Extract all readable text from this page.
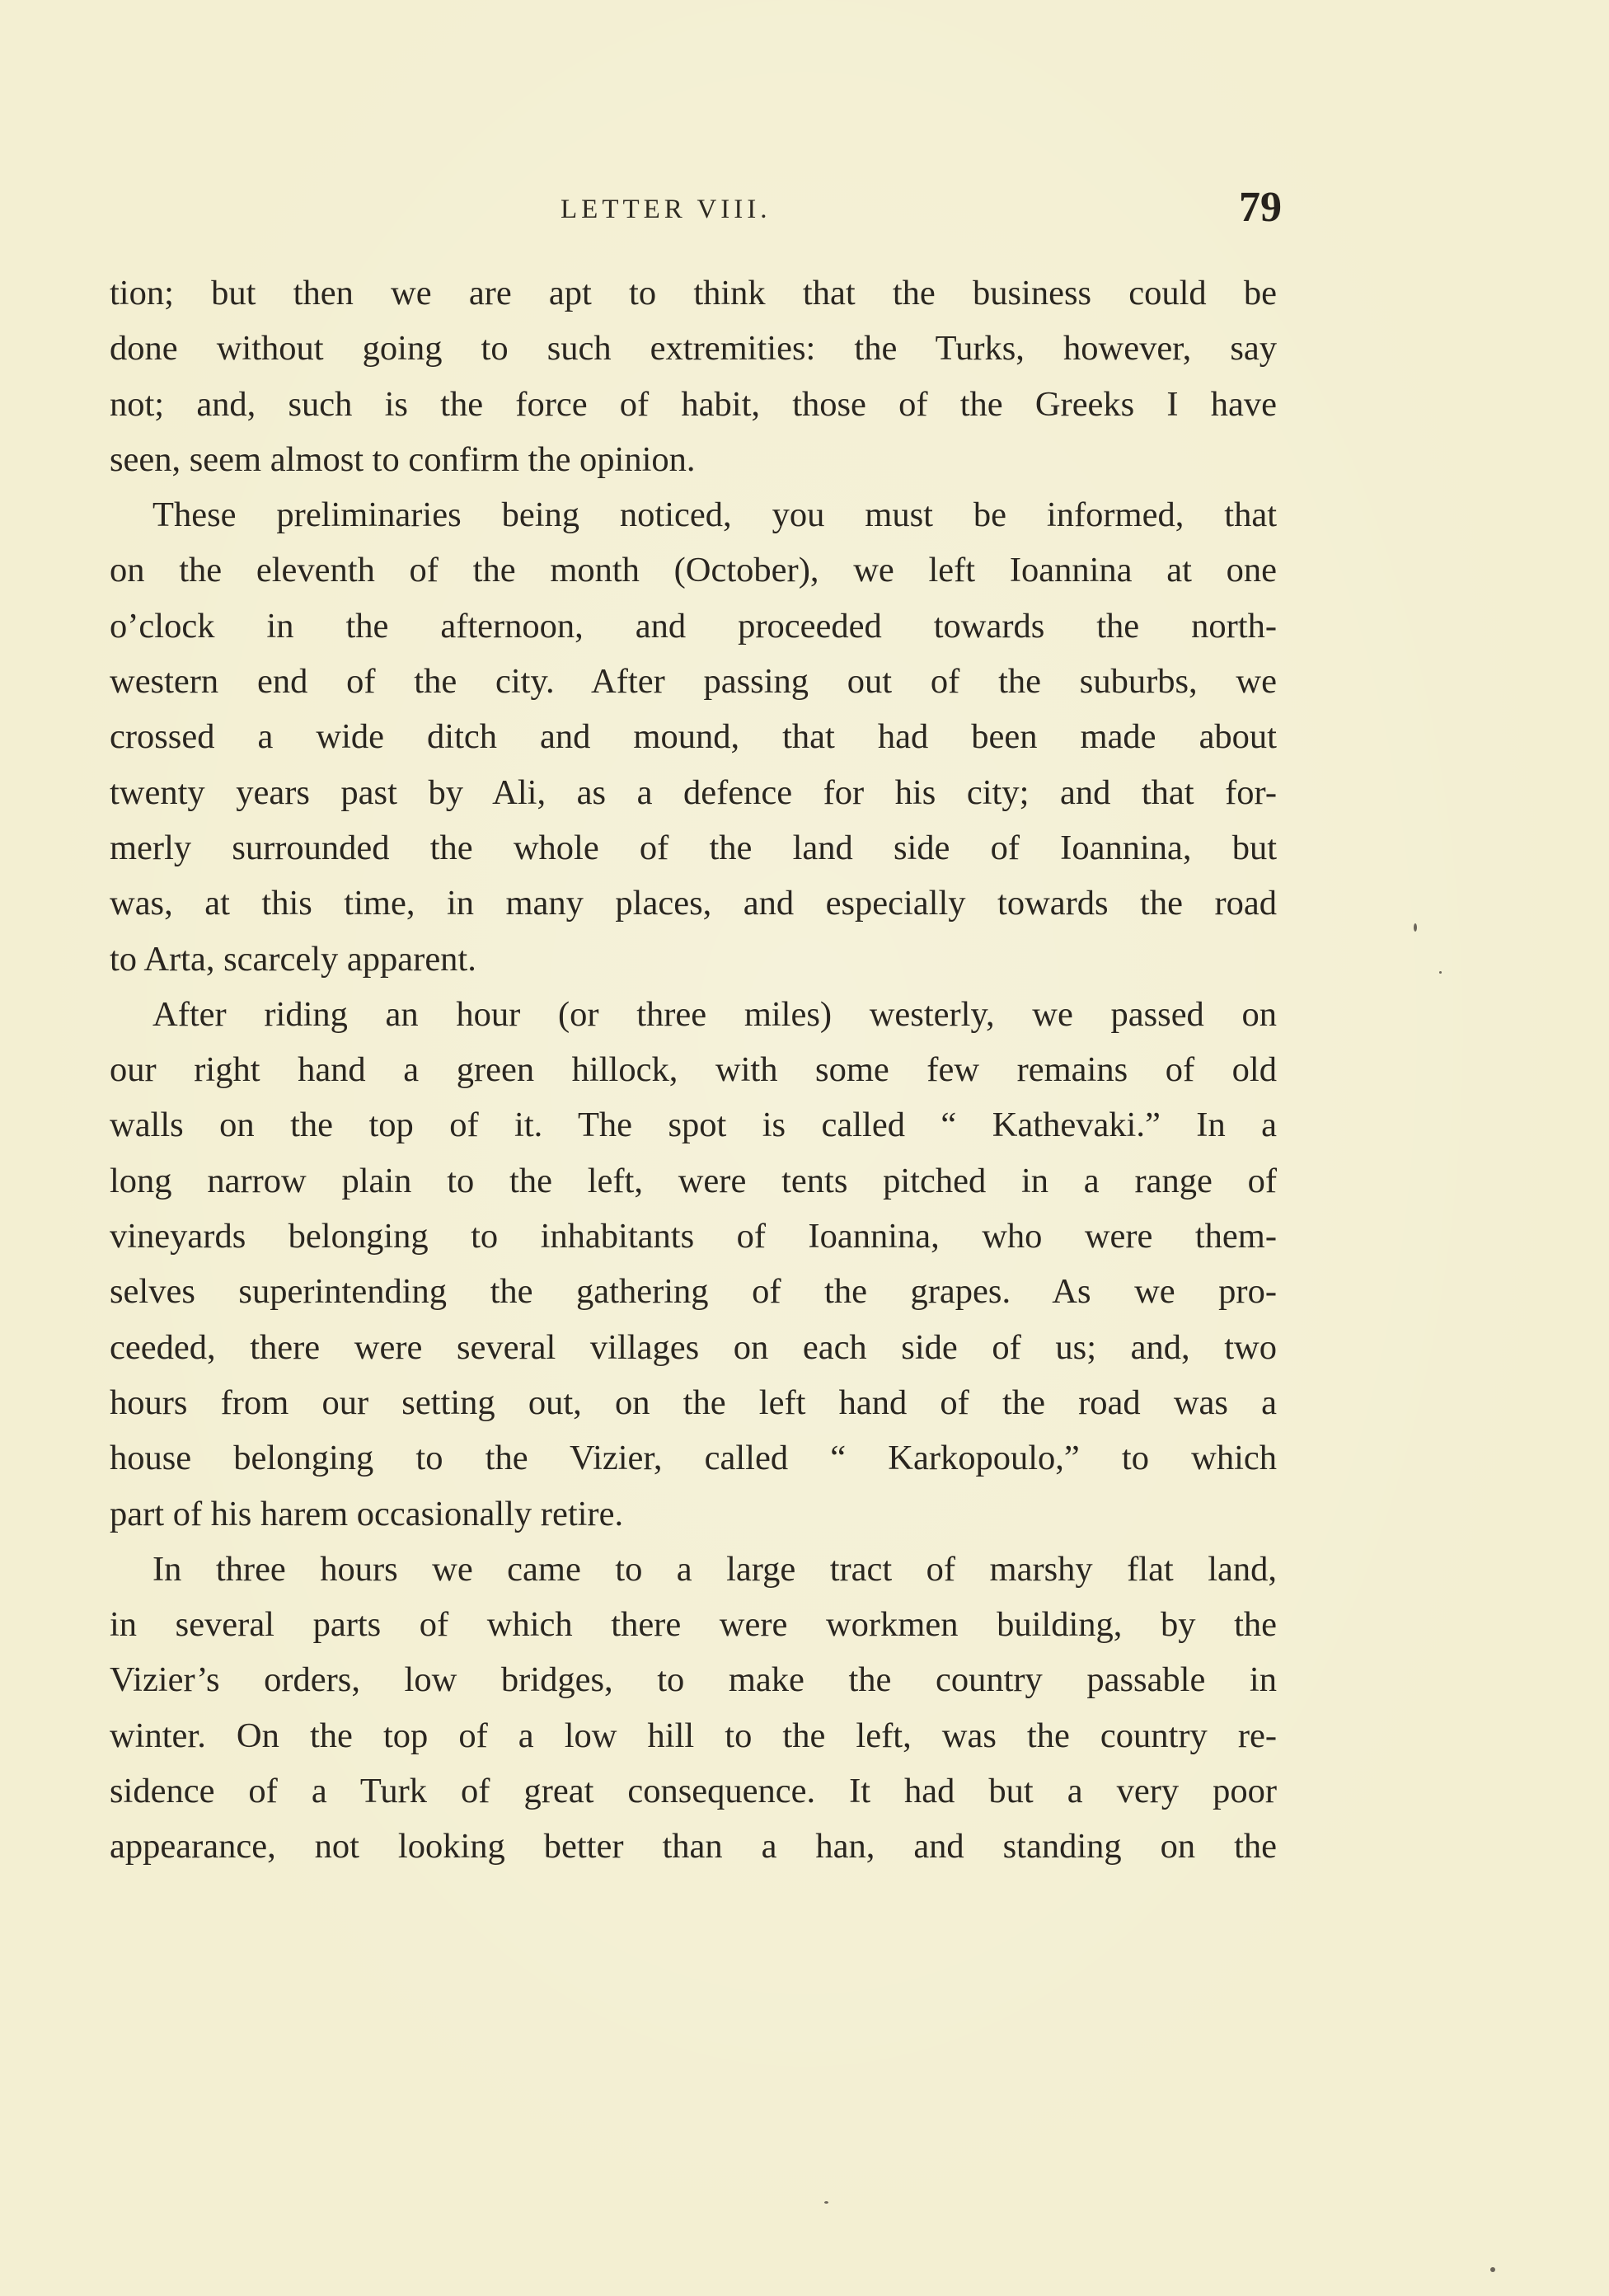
LETTER VIII.	79
tion; but then we are apt to think that the business could be
done without going to such extremities: the Turks, however, say
not; and, such is the force of habit, those of the Greeks I have
seen, seem almost to confirm the opinion.
These preliminaries being noticed, you must be informed, that
on the eleventh of the month (October), we left Ioannina at one
o’clock in the afternoon, and proceeded towards the north-
western end of the city. After passing out of the suburbs, we
crossed a wide ditch and mound, that had been made about
twenty years past by Ali, as a defence for his city; and that for-
merly surrounded the whole of the land side of Ioannina, but
was, at this time, in many places, and especially towards the road
to Arta, scarcely apparent.
After riding an hour (or three miles) westerly, we passed on
our right hand a green hillock, with some few remains of old
walls on the top of it. The spot is called “ Kathevaki.” In a
long narrow plain to the left, were tents pitched in a range of
vineyards belonging to inhabitants of Ioannina, who were them-
selves superintending the gathering of the grapes. As we pro-
ceeded, there were several villages on each side of us; and, two
hours from our setting out, on the left hand of the road was a
house belonging to the Vizier, called “ Karkopoulo,” to which
part of his harem occasionally retire.
In three hours we came to a large tract of marshy flat land,
in several parts of which there were workmen building, by the
Vizier’s orders, low bridges, to make the country passable in
winter. On the top of a low hill to the left, was the country re-
sidence of a Turk of great consequence. It had but a very poor
appearance, not looking better than a han, and standing on the
